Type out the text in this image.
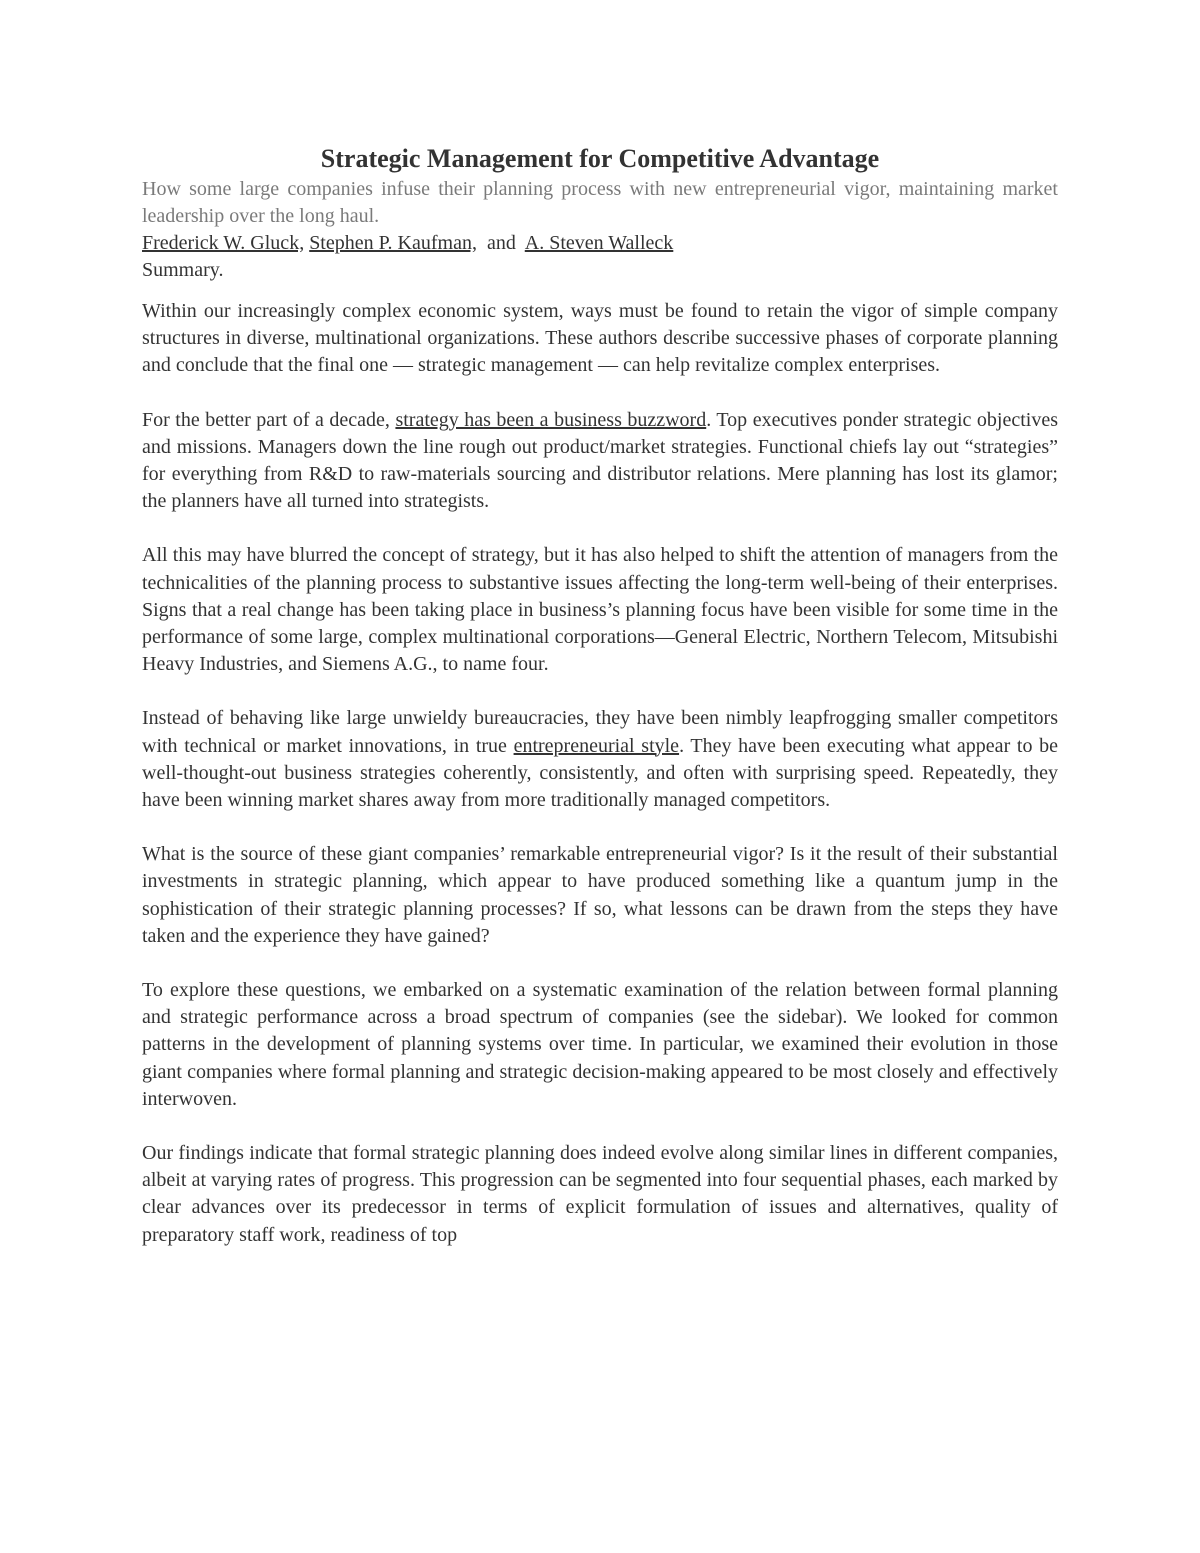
Strategic Management for Competitive Advantage

How some large companies infuse their planning process with new entrepreneurial vigor, maintaining market leadership over the long haul.

Frederick W. Gluck, Stephen P. Kaufman, and A. Steven Walleck

Summary.

Within our increasingly complex economic system, ways must be found to retain the vigor of simple company structures in diverse, multinational organizations. These authors describe successive phases of corporate planning and conclude that the final one — strategic management — can help revitalize complex enterprises.

For the better part of a decade, strategy has been a business buzzword. Top executives ponder strategic objectives and missions. Managers down the line rough out product/market strategies. Functional chiefs lay out “strategies” for everything from R&D to raw-materials sourcing and distributor relations. Mere planning has lost its glamor; the planners have all turned into strategists.

All this may have blurred the concept of strategy, but it has also helped to shift the attention of managers from the technicalities of the planning process to substantive issues affecting the long-term well-being of their enterprises. Signs that a real change has been taking place in business’s planning focus have been visible for some time in the performance of some large, complex multinational corporations—General Electric, Northern Telecom, Mitsubishi Heavy Industries, and Siemens A.G., to name four.

Instead of behaving like large unwieldy bureaucracies, they have been nimbly leapfrogging smaller competitors with technical or market innovations, in true entrepreneurial style. They have been executing what appear to be well-thought-out business strategies coherently, consistently, and often with surprising speed. Repeatedly, they have been winning market shares away from more traditionally managed competitors.

What is the source of these giant companies’ remarkable entrepreneurial vigor? Is it the result of their substantial investments in strategic planning, which appear to have produced something like a quantum jump in the sophistication of their strategic planning processes? If so, what lessons can be drawn from the steps they have taken and the experience they have gained?

To explore these questions, we embarked on a systematic examination of the relation between formal planning and strategic performance across a broad spectrum of companies (see the sidebar). We looked for common patterns in the development of planning systems over time. In particular, we examined their evolution in those giant companies where formal planning and strategic decision-making appeared to be most closely and effectively interwoven.

Our findings indicate that formal strategic planning does indeed evolve along similar lines in different companies, albeit at varying rates of progress. This progression can be segmented into four sequential phases, each marked by clear advances over its predecessor in terms of explicit formulation of issues and alternatives, quality of preparatory staff work, readiness of top
